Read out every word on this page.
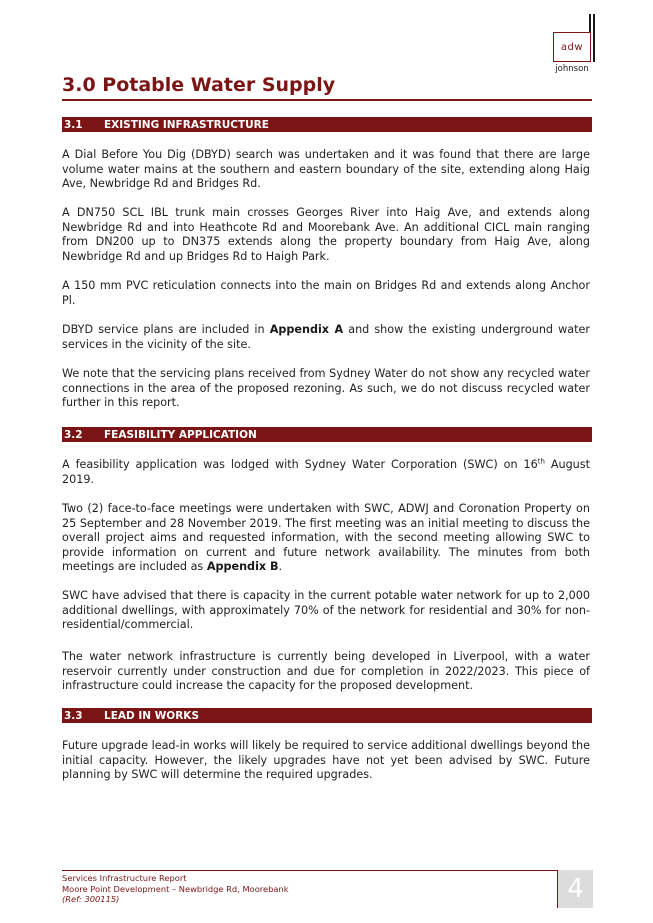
adw
johnson
3.0 Potable Water Supply
3.1	EXISTING INFRASTRUCTURE

A Dial Before You Dig (DBYD) search was undertaken and it was found that there are large volume water mains at the southern and eastern boundary of the site, extending along Haig Ave, Newbridge Rd and Bridges Rd.

A DN750 SCL IBL trunk main crosses Georges River into Haig Ave, and extends along Newbridge Rd and into Heathcote Rd and Moorebank Ave. An additional CICL main ranging from DN200 up to DN375 extends along the property boundary from Haig Ave, along Newbridge Rd and up Bridges Rd to Haigh Park.

A 150 mm PVC reticulation connects into the main on Bridges Rd and extends along Anchor Pl.

DBYD service plans are included in Appendix A and show the existing underground water services in the vicinity of the site.

We note that the servicing plans received from Sydney Water do not show any recycled water connections in the area of the proposed rezoning. As such, we do not discuss recycled water further in this report.

3.2	FEASIBILITY APPLICATION

A feasibility application was lodged with Sydney Water Corporation (SWC) on 16th August 2019.

Two (2) face-to-face meetings were undertaken with SWC, ADWJ and Coronation Property on 25 September and 28 November 2019. The first meeting was an initial meeting to discuss the overall project aims and requested information, with the second meeting allowing SWC to provide information on current and future network availability. The minutes from both meetings are included as Appendix B.

SWC have advised that there is capacity in the current potable water network for up to 2,000 additional dwellings, with approximately 70% of the network for residential and 30% for non-residential/commercial.

The water network infrastructure is currently being developed in Liverpool, with a water reservoir currently under construction and due for completion in 2022/2023. This piece of infrastructure could increase the capacity for the proposed development.

3.3	LEAD IN WORKS

Future upgrade lead-in works will likely be required to service additional dwellings beyond the initial capacity. However, the likely upgrades have not yet been advised by SWC. Future planning by SWC will determine the required upgrades.

Services Infrastructure Report
Moore Point Development – Newbridge Rd, Moorebank
(Ref: 300115)	4
